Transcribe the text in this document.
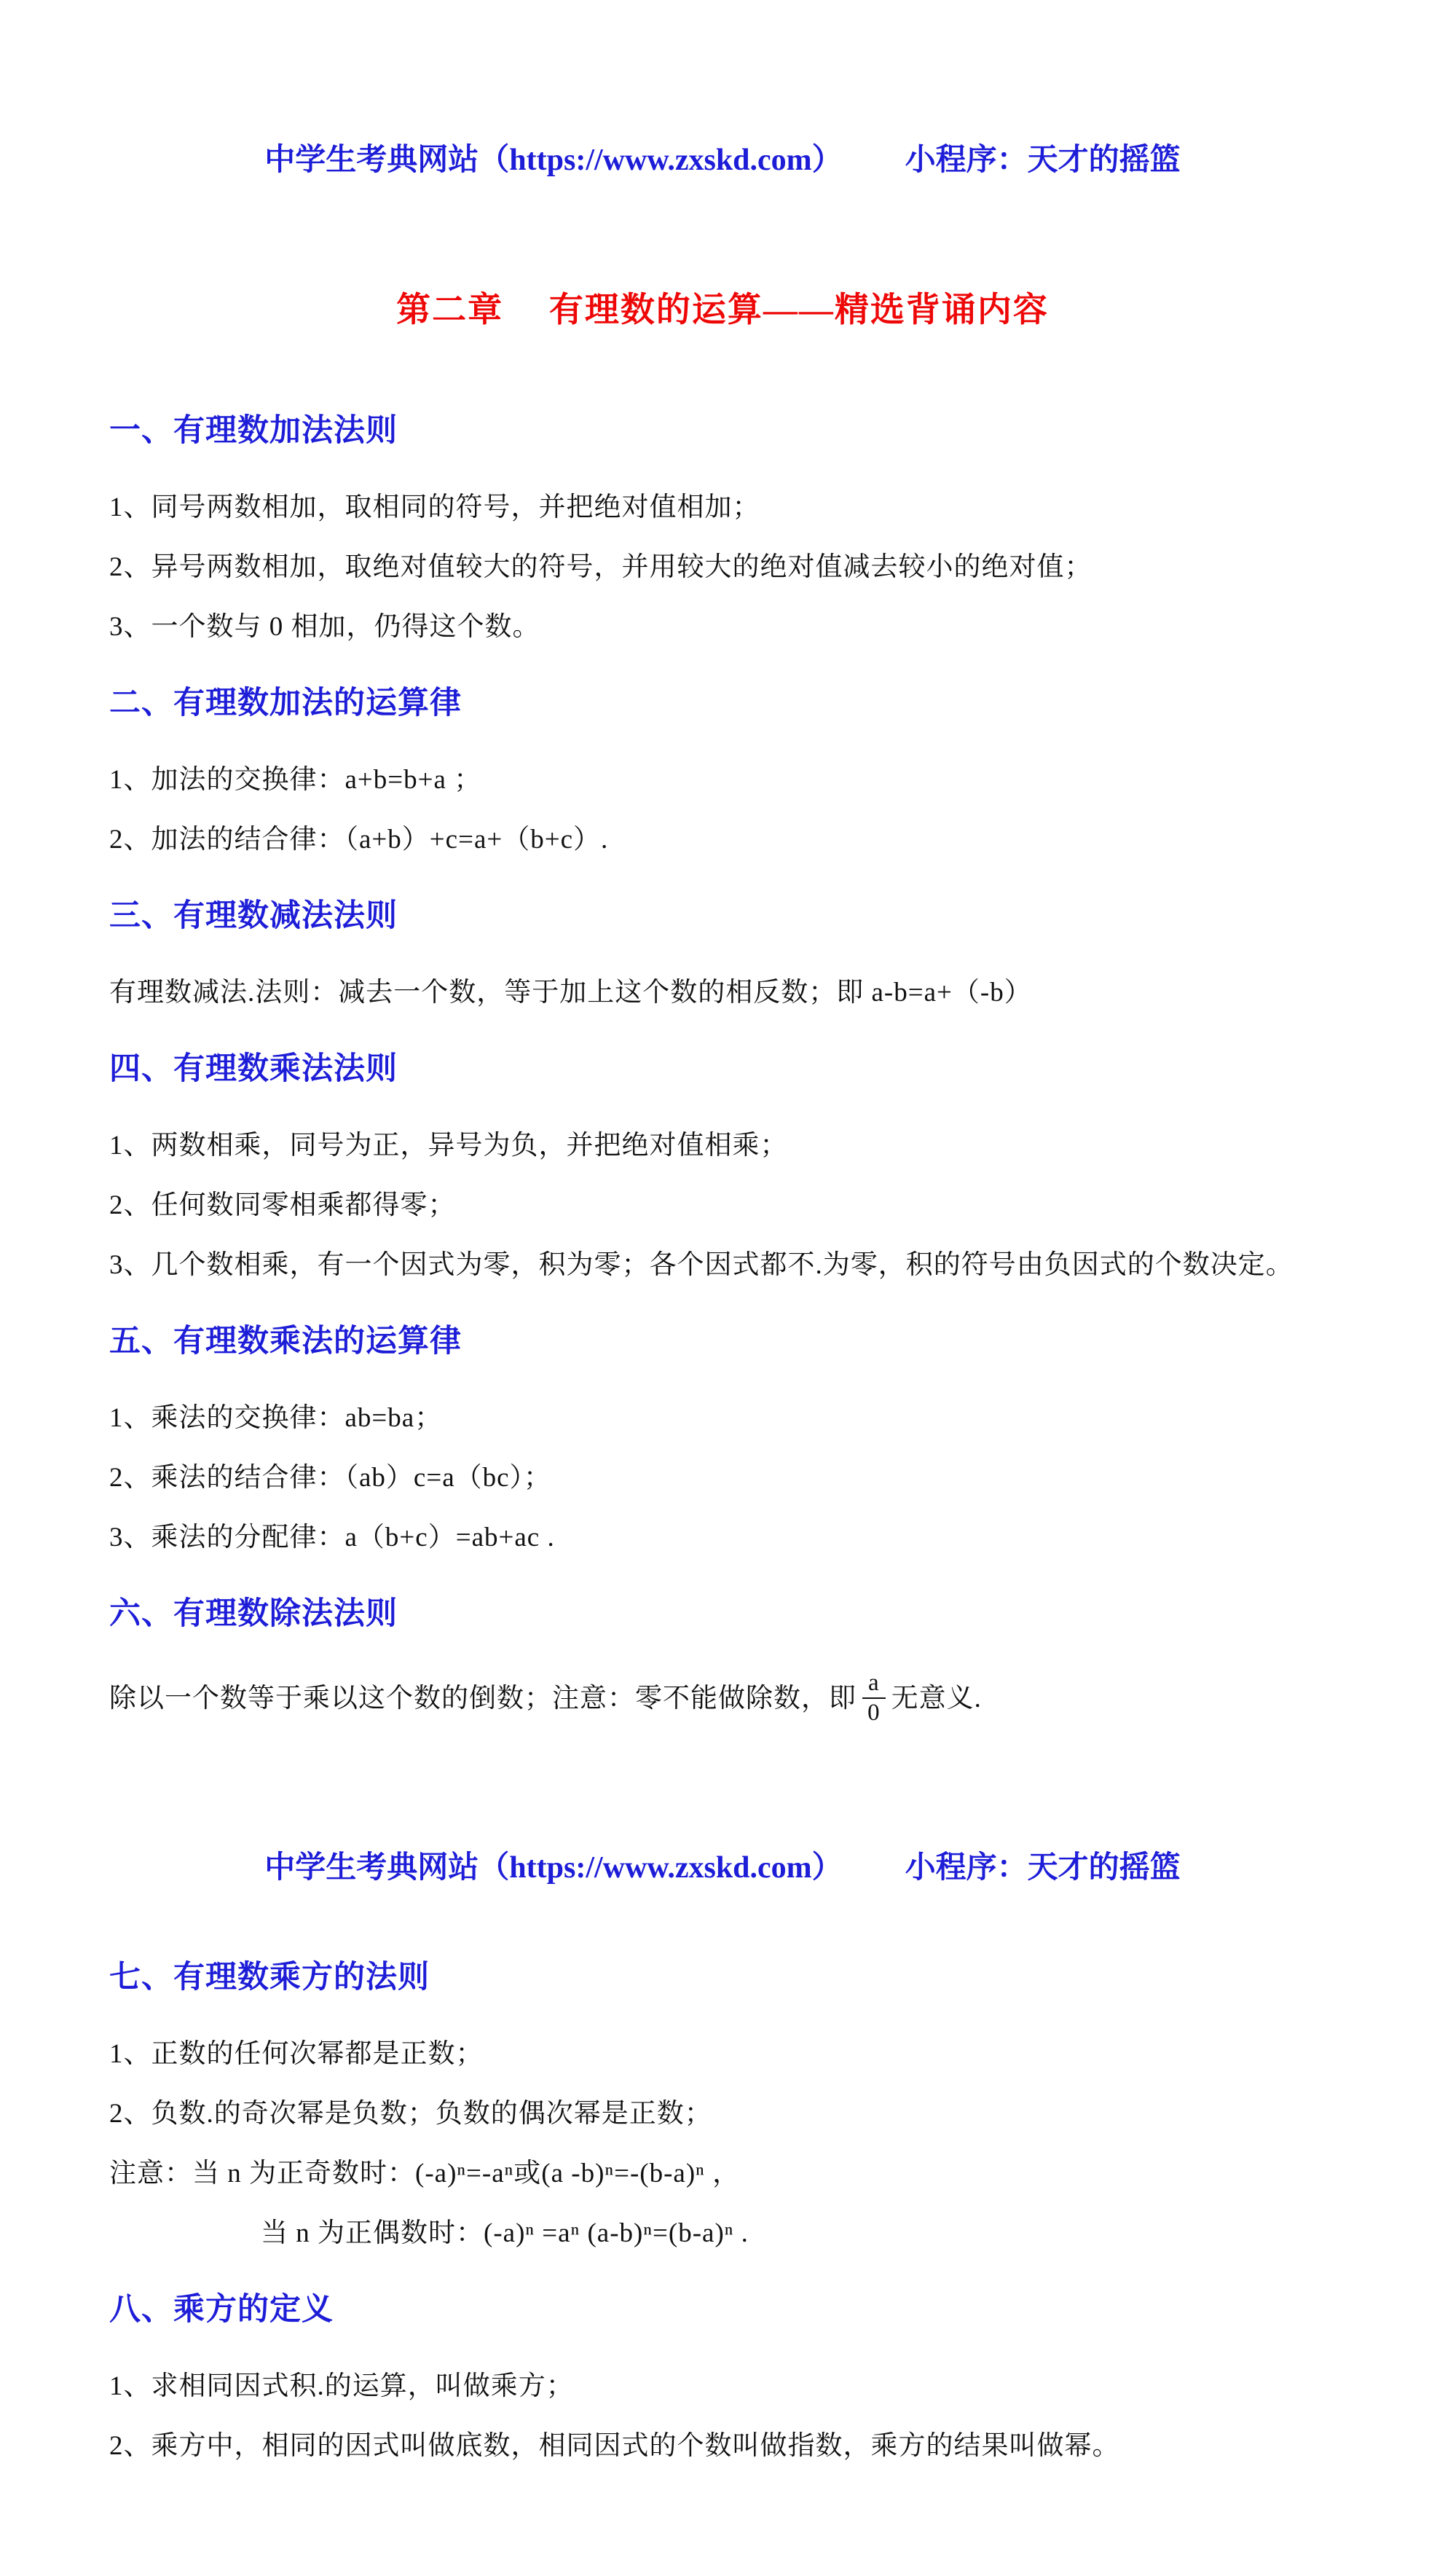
中学生考典网站（https://www.zxskd.com） 小程序：天才的摇篮
第二章　 有理数的运算——精选背诵内容
一、有理数加法法则

1、同号两数相加，取相同的符号，并把绝对值相加；

2、异号两数相加，取绝对值较大的符号，并用较大的绝对值减去较小的绝对值；

3、一个数与 0 相加，仍得这个数。

二、有理数加法的运算律

1、加法的交换律：a+b=b+a ；

2、加法的结合律：（a+b）+c=a+（b+c）.

三、有理数减法法则

有理数减法.法则：减去一个数，等于加上这个数的相反数；即 a-b=a+（-b）

四、有理数乘法法则

1、两数相乘，同号为正，异号为负，并把绝对值相乘；

2、任何数同零相乘都得零；

3、几个数相乘，有一个因式为零，积为零；各个因式都不.为零，积的符号由负因式的个数决定。

五、有理数乘法的运算律

1、乘法的交换律：ab=ba；

2、乘法的结合律：（ab）c=a（bc）；

3、乘法的分配律：a（b+c）=ab+ac .

六、有理数除法法则

除以一个数等于乘以这个数的倒数；注意：零不能做除数，即 $\frac{a}{0}$ 无意义.

中学生考典网站（https://www.zxskd.com） 小程序：天才的摇篮
七、有理数乘方的法则

1、正数的任何次幂都是正数；

2、负数.的奇次幂是负数；负数的偶次幂是正数；

注意：当 n 为正奇数时：(-a)ⁿ=-aⁿ或(a -b)ⁿ=-(b-a)ⁿ ，

当 n 为正偶数时：(-a)ⁿ =aⁿ (a-b)ⁿ=(b-a)ⁿ .

八、乘方的定义

1、求相同因式积.的运算，叫做乘方；

2、乘方中，相同的因式叫做底数，相同因式的个数叫做指数，乘方的结果叫做幂。
